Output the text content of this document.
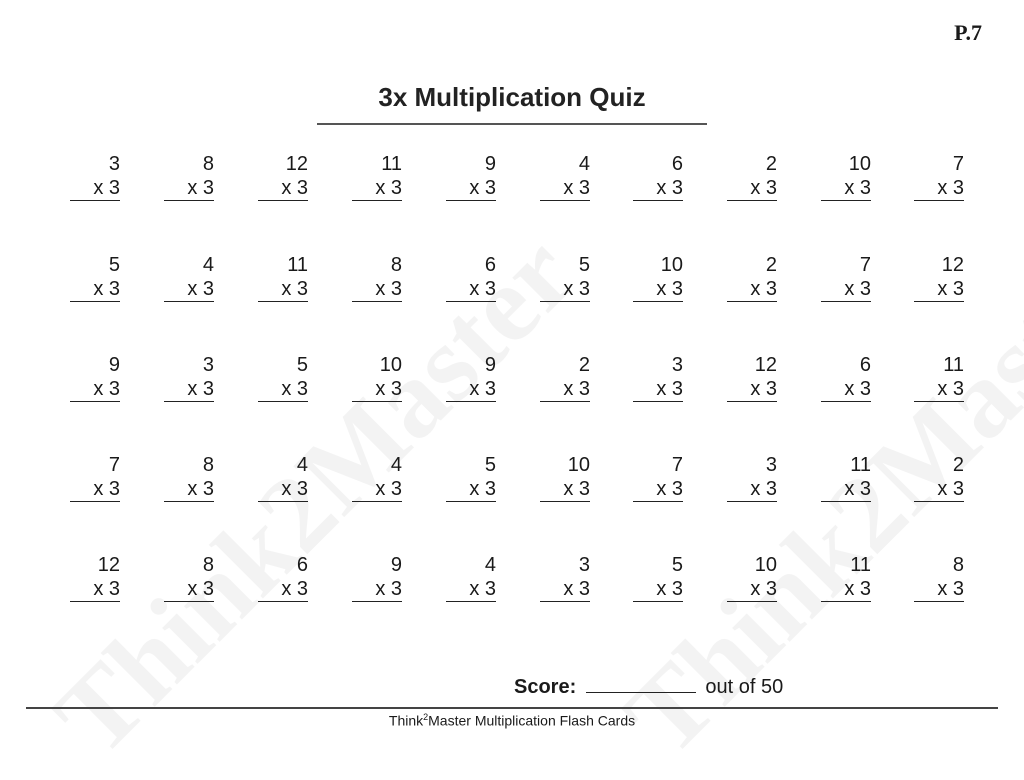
P.7
3x Multiplication Quiz
3
x 3
8
x 3
12
x 3
11
x 3
9
x 3
4
x 3
6
x 3
2
x 3
10
x 3
7
x 3
5
x 3
4
x 3
11
x 3
8
x 3
6
x 3
5
x 3
10
x 3
2
x 3
7
x 3
12
x 3
9
x 3
3
x 3
5
x 3
10
x 3
9
x 3
2
x 3
3
x 3
12
x 3
6
x 3
11
x 3
7
x 3
8
x 3
4
x 3
4
x 3
5
x 3
10
x 3
7
x 3
3
x 3
11
x 3
2
x 3
12
x 3
8
x 3
6
x 3
9
x 3
4
x 3
3
x 3
5
x 3
10
x 3
11
x 3
8
x 3
Score:	out of 50
Think$^2$Master Multiplication Flash Cards
